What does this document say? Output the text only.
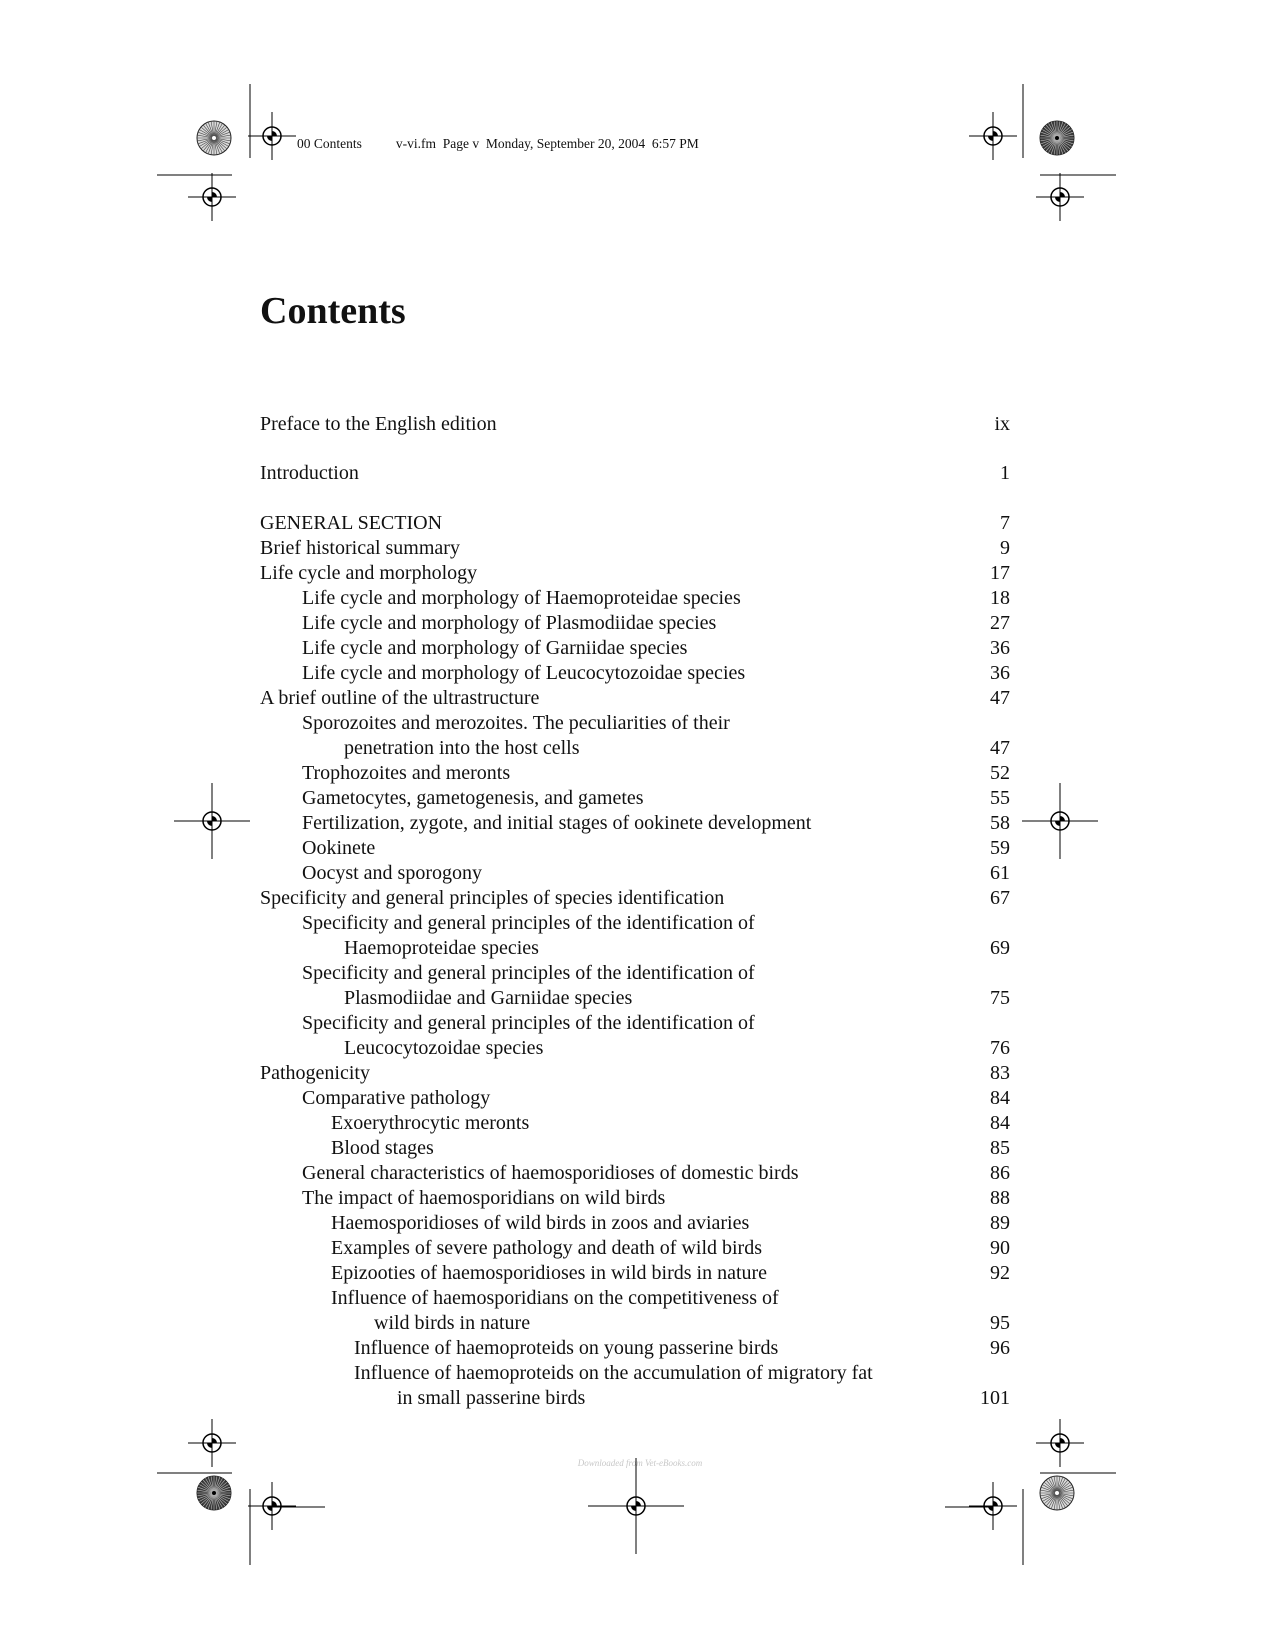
00 Contents	v-vi.fm  Page v  Monday, September 20, 2004  6:57 PM
Contents
Preface to the English edition	ix
Introduction	1
GENERAL SECTION	7
Brief historical summary	9
Life cycle and morphology	17
Life cycle and morphology of Haemoproteidae species	18
Life cycle and morphology of Plasmodiidae species	27
Life cycle and morphology of Garniidae species	36
Life cycle and morphology of Leucocytozoidae species	36
A brief outline of the ultrastructure	47
Sporozoites and merozoites. The peculiarities of their
penetration into the host cells	47
Trophozoites and meronts	52
Gametocytes, gametogenesis, and gametes	55
Fertilization, zygote, and initial stages of ookinete development	58
Ookinete	59
Oocyst and sporogony	61
Specificity and general principles of species identification	67
Specificity and general principles of the identification of
Haemoproteidae species	69
Specificity and general principles of the identification of
Plasmodiidae and Garniidae species	75
Specificity and general principles of the identification of
Leucocytozoidae species	76
Pathogenicity	83
Comparative pathology	84
Exoerythrocytic meronts	84
Blood stages	85
General characteristics of haemosporidioses of domestic birds	86
The impact of haemosporidians on wild birds	88
Haemosporidioses of wild birds in zoos and aviaries	89
Examples of severe pathology and death of wild birds	90
Epizooties of haemosporidioses in wild birds in nature	92
Influence of haemosporidians on the competitiveness of
wild birds in nature	95
Influence of haemoproteids on young passerine birds	96
Influence of haemoproteids on the accumulation of migratory fat
in small passerine birds	101
Downloaded from Vet-eBooks.com
